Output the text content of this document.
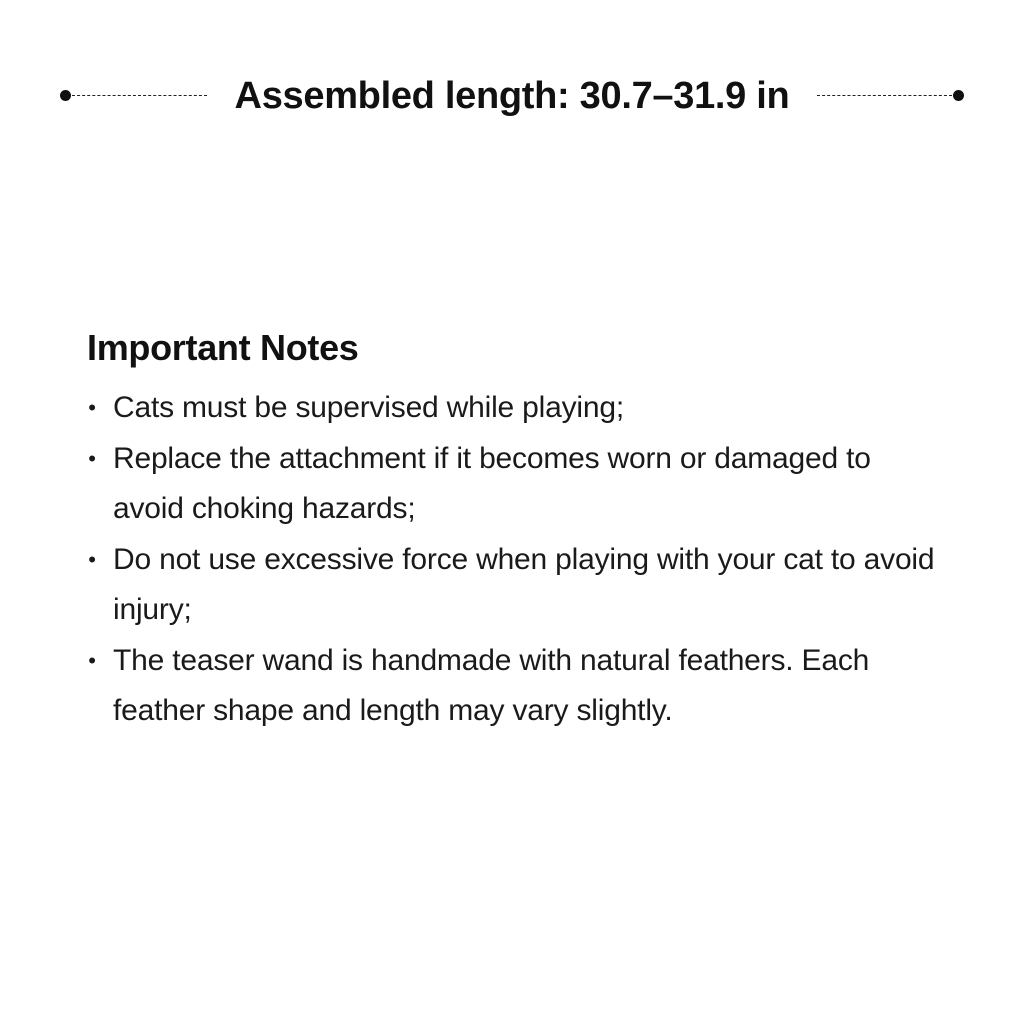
Assembled length: 30.7–31.9 in
Important Notes
• Cats must be supervised while playing;
• Replace the attachment if it becomes worn or damaged to avoid choking hazards;
• Do not use excessive force when playing with your cat to avoid injury;
• The teaser wand is handmade with natural feathers. Each feather shape and length may vary slightly.
